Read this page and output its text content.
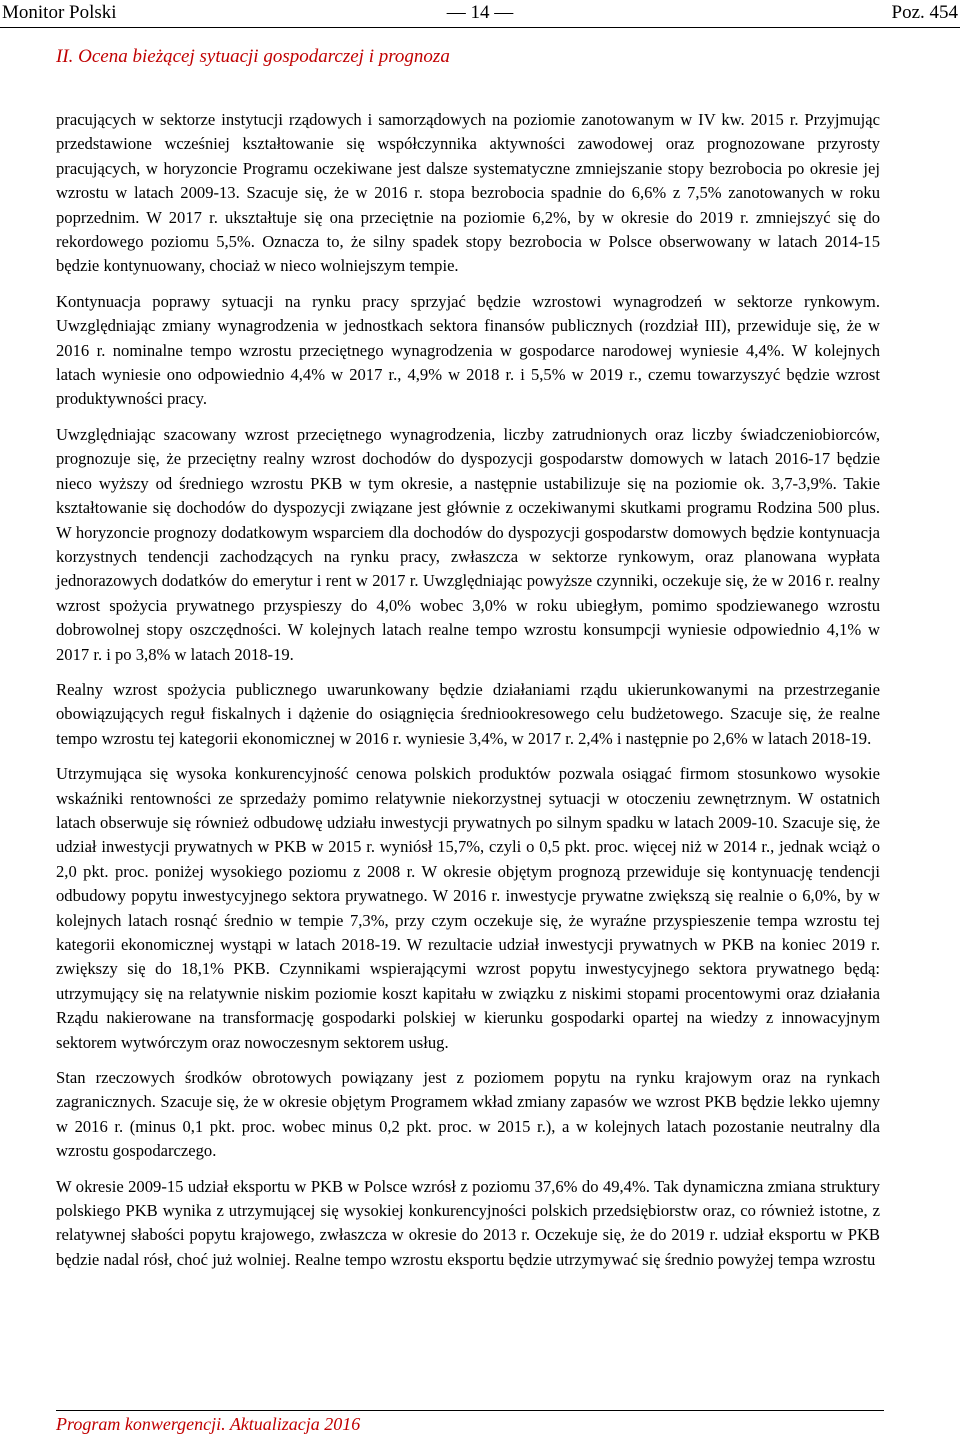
Monitor Polski	— 14 —	Poz. 454
II. Ocena bieżącej sytuacji gospodarczej i prognoza

pracujących w sektorze instytucji rządowych i samorządowych na poziomie zanotowanym w IV kw. 2015 r. Przyjmując przedstawione wcześniej kształtowanie się współczynnika aktywności zawodowej oraz prognozowane przyrosty pracujących, w horyzoncie Programu oczekiwane jest dalsze systematyczne zmniejszanie stopy bezrobocia po okresie jej wzrostu w latach 2009-13. Szacuje się, że w 2016 r. stopa bezrobocia spadnie do 6,6% z 7,5% zanotowanych w roku poprzednim. W 2017 r. ukształtuje się ona przeciętnie na poziomie 6,2%, by w okresie do 2019 r. zmniejszyć się do rekordowego poziomu 5,5%. Oznacza to, że silny spadek stopy bezrobocia w Polsce obserwowany w latach 2014-15 będzie kontynuowany, chociaż w nieco wolniejszym tempie.

Kontynuacja poprawy sytuacji na rynku pracy sprzyjać będzie wzrostowi wynagrodzeń w sektorze rynkowym. Uwzględniając zmiany wynagrodzenia w jednostkach sektora finansów publicznych (rozdział III), przewiduje się, że w 2016 r. nominalne tempo wzrostu przeciętnego wynagrodzenia w gospodarce narodowej wyniesie 4,4%. W kolejnych latach wyniesie ono odpowiednio 4,4% w 2017 r., 4,9% w 2018 r. i 5,5% w 2019 r., czemu towarzyszyć będzie wzrost produktywności pracy.

Uwzględniając szacowany wzrost przeciętnego wynagrodzenia, liczby zatrudnionych oraz liczby świadczeniobiorców, prognozuje się, że przeciętny realny wzrost dochodów do dyspozycji gospodarstw domowych w latach 2016-17 będzie nieco wyższy od średniego wzrostu PKB w tym okresie, a następnie ustabilizuje się na poziomie ok. 3,7-3,9%. Takie kształtowanie się dochodów do dyspozycji związane jest głównie z oczekiwanymi skutkami programu Rodzina 500 plus. W horyzoncie prognozy dodatkowym wsparciem dla dochodów do dyspozycji gospodarstw domowych będzie kontynuacja korzystnych tendencji zachodzących na rynku pracy, zwłaszcza w sektorze rynkowym, oraz planowana wypłata jednorazowych dodatków do emerytur i rent w 2017 r. Uwzględniając powyższe czynniki, oczekuje się, że w 2016 r. realny wzrost spożycia prywatnego przyspieszy do 4,0% wobec 3,0% w roku ubiegłym, pomimo spodziewanego wzrostu dobrowolnej stopy oszczędności. W kolejnych latach realne tempo wzrostu konsumpcji wyniesie odpowiednio 4,1% w 2017 r. i po 3,8% w latach 2018-19.

Realny wzrost spożycia publicznego uwarunkowany będzie działaniami rządu ukierunkowanymi na przestrzeganie obowiązujących reguł fiskalnych i dążenie do osiągnięcia średniookresowego celu budżetowego. Szacuje się, że realne tempo wzrostu tej kategorii ekonomicznej w 2016 r. wyniesie 3,4%, w 2017 r. 2,4% i następnie po 2,6% w latach 2018-19.

Utrzymująca się wysoka konkurencyjność cenowa polskich produktów pozwala osiągać firmom stosunkowo wysokie wskaźniki rentowności ze sprzedaży pomimo relatywnie niekorzystnej sytuacji w otoczeniu zewnętrznym. W ostatnich latach obserwuje się również odbudowę udziału inwestycji prywatnych po silnym spadku w latach 2009-10. Szacuje się, że udział inwestycji prywatnych w PKB w 2015 r. wyniósł 15,7%, czyli o 0,5 pkt. proc. więcej niż w 2014 r., jednak wciąż o 2,0 pkt. proc. poniżej wysokiego poziomu z 2008 r. W okresie objętym prognozą przewiduje się kontynuację tendencji odbudowy popytu inwestycyjnego sektora prywatnego. W 2016 r. inwestycje prywatne zwiększą się realnie o 6,0%, by w kolejnych latach rosnąć średnio w tempie 7,3%, przy czym oczekuje się, że wyraźne przyspieszenie tempa wzrostu tej kategorii ekonomicznej wystąpi w latach 2018-19. W rezultacie udział inwestycji prywatnych w PKB na koniec 2019 r. zwiększy się do 18,1% PKB. Czynnikami wspierającymi wzrost popytu inwestycyjnego sektora prywatnego będą: utrzymujący się na relatywnie niskim poziomie koszt kapitału w związku z niskimi stopami procentowymi oraz działania Rządu nakierowane na transformację gospodarki polskiej w kierunku gospodarki opartej na wiedzy z innowacyjnym sektorem wytwórczym oraz nowoczesnym sektorem usług.

Stan rzeczowych środków obrotowych powiązany jest z poziomem popytu na rynku krajowym oraz na rynkach zagranicznych. Szacuje się, że w okresie objętym Programem wkład zmiany zapasów we wzrost PKB będzie lekko ujemny w 2016 r. (minus 0,1 pkt. proc. wobec minus 0,2 pkt. proc. w 2015 r.), a w kolejnych latach pozostanie neutralny dla wzrostu gospodarczego.

W okresie 2009-15 udział eksportu w PKB w Polsce wzrósł z poziomu 37,6% do 49,4%. Tak dynamiczna zmiana struktury polskiego PKB wynika z utrzymującej się wysokiej konkurencyjności polskich przedsiębiorstw oraz, co również istotne, z relatywnej słabości popytu krajowego, zwłaszcza w okresie do 2013 r. Oczekuje się, że do 2019 r. udział eksportu w PKB będzie nadal rósł, choć już wolniej. Realne tempo wzrostu eksportu będzie utrzymywać się średnio powyżej tempa wzrostu

Program konwergencji. Aktualizacja 2016
